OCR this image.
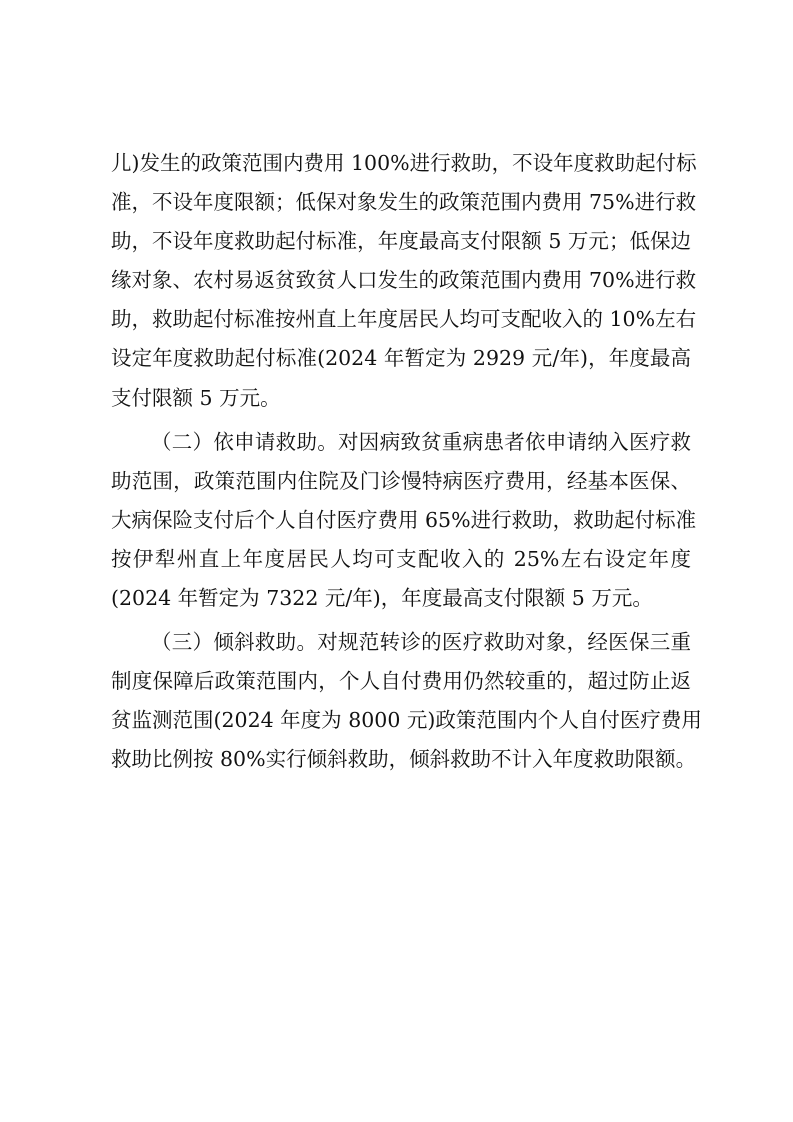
儿)发生的政策范围内费用 100%进行救助，不设年度救助起付标
准，不设年度限额；低保对象发生的政策范围内费用 75%进行救
助，不设年度救助起付标准，年度最高支付限额 5 万元；低保边
缘对象、农村易返贫致贫人口发生的政策范围内费用 70%进行救
助，救助起付标准按州直上年度居民人均可支配收入的 10%左右
设定年度救助起付标准(2024 年暂定为 2929 元/年)，年度最高
支付限额 5 万元。
（二）依申请救助。对因病致贫重病患者依申请纳入医疗救
助范围，政策范围内住院及门诊慢特病医疗费用，经基本医保、
大病保险支付后个人自付医疗费用 65%进行救助，救助起付标准
按伊犁州直上年度居民人均可支配收入的 25%左右设定年度
(2024 年暂定为 7322 元/年)，年度最高支付限额 5 万元。
（三）倾斜救助。对规范转诊的医疗救助对象，经医保三重
制度保障后政策范围内，个人自付费用仍然较重的，超过防止返
贫监测范围(2024 年度为 8000 元)政策范围内个人自付医疗费用
救助比例按 80%实行倾斜救助，倾斜救助不计入年度救助限额。
